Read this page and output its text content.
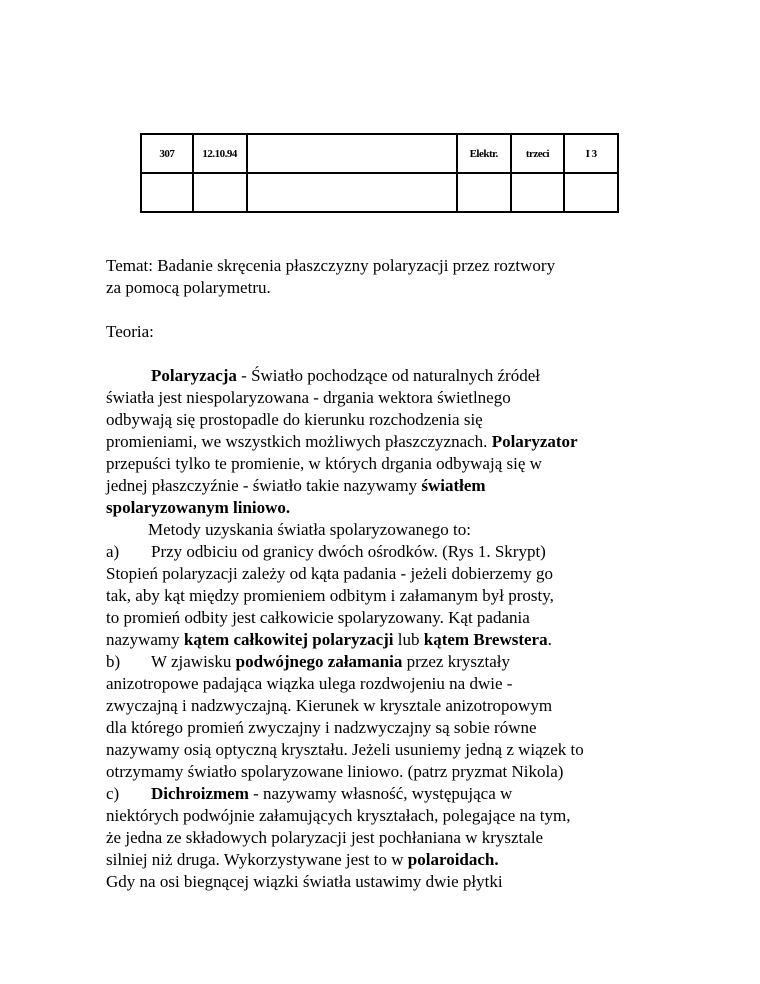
307	12.10.94		Elektr.	trzeci	I 3

Temat: Badanie skręcenia płaszczyzny polaryzacji przez roztwory
za pomocą polarymetru.
Teoria:
Polaryzacja - Światło pochodzące od naturalnych źródeł
światła jest niespolaryzowana - drgania wektora świetlnego
odbywają się prostopadle do kierunku rozchodzenia się
promieniami, we wszystkich możliwych płaszczyznach. Polaryzator
przepuści tylko te promienie, w których drgania odbywają się w
jednej płaszczyźnie - światło takie nazywamy światłem
spolaryzowanym liniowo.
Metody uzyskania światła spolaryzowanego to:
a) Przy odbiciu od granicy dwóch ośrodków. (Rys 1. Skrypt)
Stopień polaryzacji zależy od kąta padania - jeżeli dobierzemy go
tak, aby kąt między promieniem odbitym i załamanym był prosty,
to promień odbity jest całkowicie spolaryzowany. Kąt padania
nazywamy kątem całkowitej polaryzacji lub kątem Brewstera.
b) W zjawisku podwójnego załamania przez kryształy
anizotropowe padająca wiązka ulega rozdwojeniu na dwie -
zwyczajną i nadzwyczajną. Kierunek w krysztale anizotropowym
dla którego promień zwyczajny i nadzwyczajny są sobie równe
nazywamy osią optyczną kryształu. Jeżeli usuniemy jedną z wiązek to
otrzymamy światło spolaryzowane liniowo. (patrz pryzmat Nikola)
c) Dichroizmem - nazywamy własność, występująca w
niektórych podwójnie załamujących kryształach, polegające na tym,
że jedna ze składowych polaryzacji jest pochłaniana w krysztale
silniej niż druga. Wykorzystywane jest to w polaroidach.
Gdy na osi biegnącej wiązki światła ustawimy dwie płytki
